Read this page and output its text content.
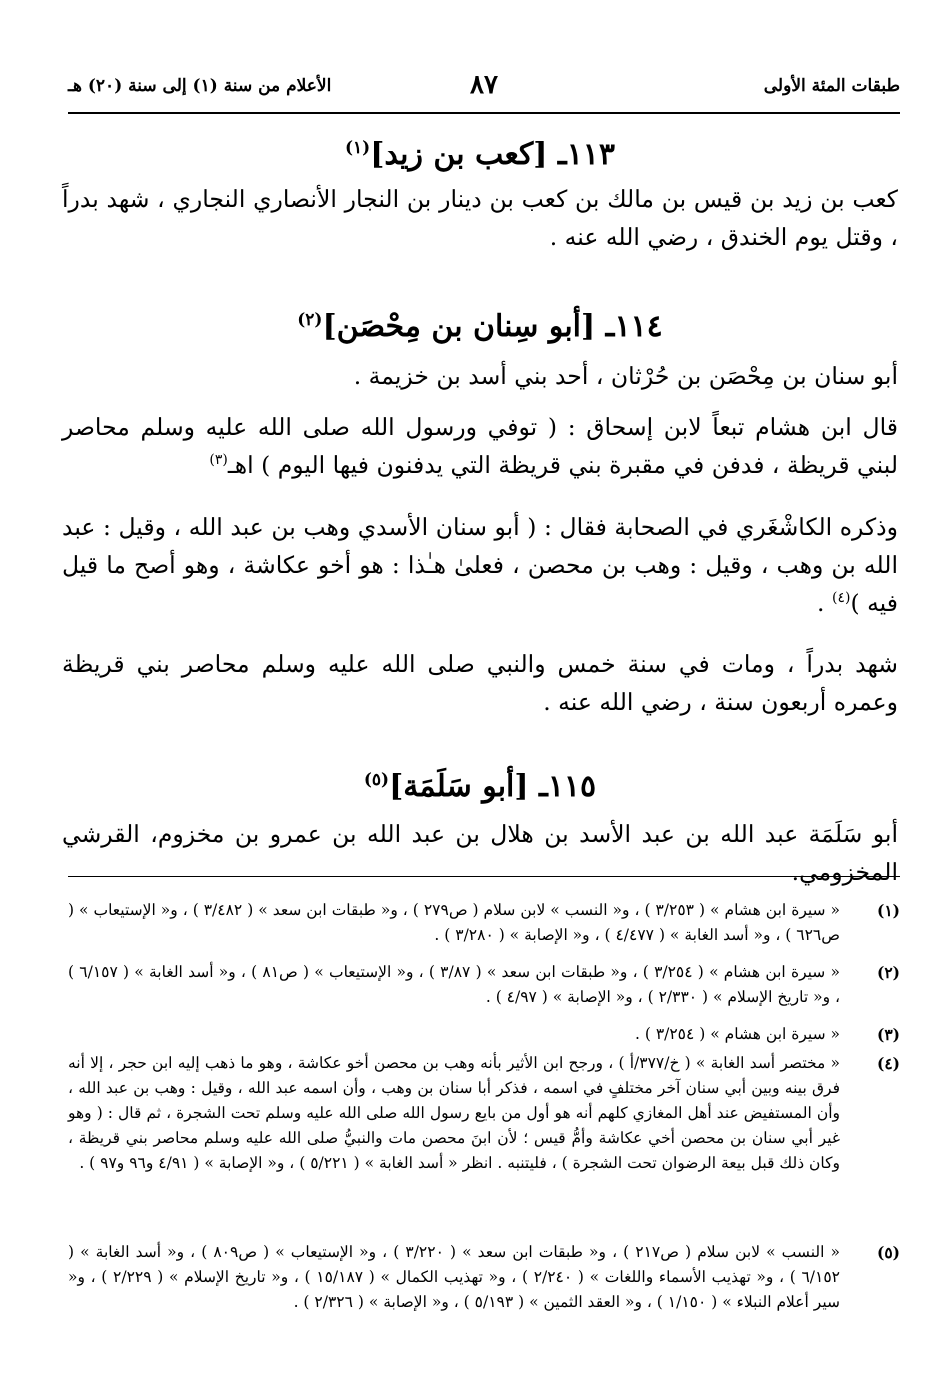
طبقات المئة الأولى
٨٧
الأعلام من سنة (١) إلى سنة (٢٠) هـ
١١٣ـ [كعب بن زيد]$^{(١)}$
كعب بن زيد بن قيس بن مالك بن كعب بن دينار بن النجار الأنصاري النجاري ، شهد بدراً ، وقتل يوم الخندق ، رضي الله عنه .
١١٤ـ [أبو سِنان بن مِحْصَن]$^{(٢)}$
أبو سنان بن مِحْصَن بن حُرْثان ، أحد بني أسد بن خزيمة .
قال ابن هشام تبعاً لابن إسحاق : ( توفي ورسول الله صلى الله عليه وسلم محاصر لبني قريظة ، فدفن في مقبرة بني قريظة التي يدفنون فيها اليوم ) اهـ$^{(٣)}$
وذكره الكاشْغَري في الصحابة فقال : ( أبو سنان الأسدي وهب بن عبد الله ، وقيل : عبد الله بن وهب ، وقيل : وهب بن محصن ، فعلىٰ هـٰذا : هو أخو عكاشة ، وهو أصح ما قيل فيه )$^{(٤)}$ .
شهد بدراً ، ومات في سنة خمس والنبي صلى الله عليه وسلم محاصر بني قريظة وعمره أربعون سنة ، رضي الله عنه .
١١٥ـ [أبو سَلَمَة]$^{(٥)}$
أبو سَلَمَة عبد الله بن عبد الأسد بن هلال بن عبد الله بن عمرو بن مخزوم، القرشي المخزومي.
(١)
« سيرة ابن هشام » ( ٣/٢٥٣ ) ، و« النسب » لابن سلام ( ص٢٧٩ ) ، و« طبقات ابن سعد » ( ٣/٤٨٢ ) ، و« الإستيعاب » ( ص٦٢٦ ) ، و« أسد الغابة » ( ٤/٤٧٧ ) ، و« الإصابة » ( ٣/٢٨٠ ) .
(٢)
« سيرة ابن هشام » ( ٣/٢٥٤ ) ، و« طبقات ابن سعد » ( ٣/٨٧ ) ، و« الإستيعاب » ( ص٨١ ) ، و« أسد الغابة » ( ٦/١٥٧ ) ، و« تاريخ الإسلام » ( ٢/٣٣٠ ) ، و« الإصابة » ( ٤/٩٧ ) .
(٣)
« سيرة ابن هشام » ( ٣/٢٥٤ ) .
(٤)
« مختصر أسد الغابة » ( خ/٣٧٧/أ ) ، ورجح ابن الأثير بأنه وهب بن محصن أخو عكاشة ، وهو ما ذهب إليه ابن حجر ، إلا أنه فرق بينه وبين أبي سنان آخر مختلفٍ في اسمه ، فذكر أبا سنان بن وهب ، وأن اسمه عبد الله ، وقيل : وهب بن عبد الله ، وأن المستفيض عند أهل المغازي كلهم أنه هو أول من بايع رسول الله صلى الله عليه وسلم تحت الشجرة ، ثم قال : ( وهو غير أبي سنان بن محصن أخي عكاشة وأمُّ قيس ؛ لأن ابنَ محصن مات والنبيُّ صلى الله عليه وسلم محاصر بني قريظة ، وكان ذلك قبل بيعة الرضوان تحت الشجرة ) ، فليتنبه . انظر « أسد الغابة » ( ٥/٢٢١ ) ، و« الإصابة » ( ٤/٩١ و٩٦ و٩٧ ) .
(٥)
« النسب » لابن سلام ( ص٢١٧ ) ، و« طبقات ابن سعد » ( ٣/٢٢٠ ) ، و« الإستيعاب » ( ص٨٠٩ ) ، و« أسد الغابة » ( ٦/١٥٢ ) ، و« تهذيب الأسماء واللغات » ( ٢/٢٤٠ ) ، و« تهذيب الكمال » ( ١٥/١٨٧ ) ، و« تاريخ الإسلام » ( ٢/٢٢٩ ) ، و« سير أعلام النبلاء » ( ١/١٥٠ ) ، و« العقد الثمين » ( ٥/١٩٣ ) ، و« الإصابة » ( ٢/٣٢٦ ) .
